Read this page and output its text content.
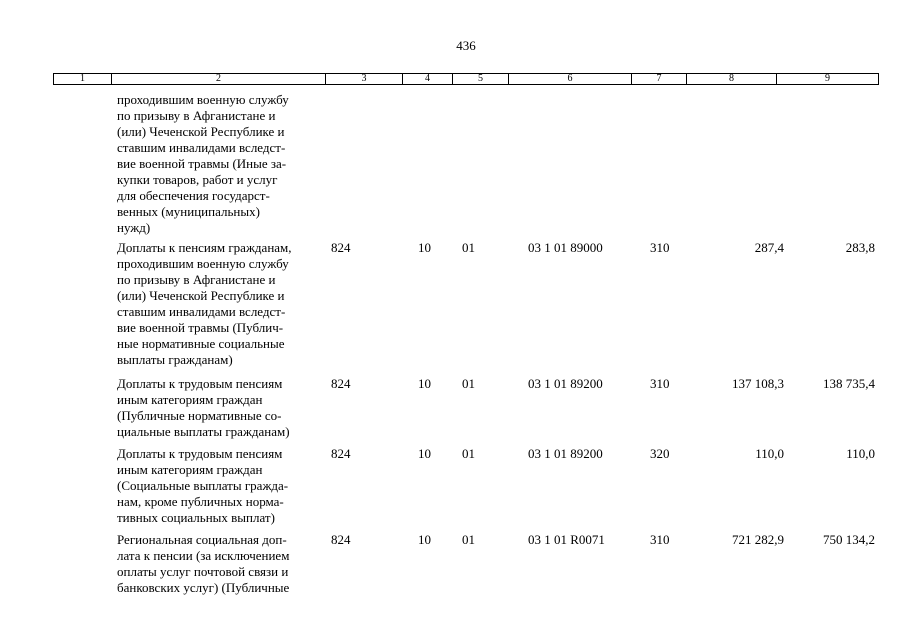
436
1	2	3	4	5	6	7	8	9
проходившим военную службу
по призыву в Афганистане и
(или) Чеченской Республике и
ставшим инвалидами вследст-
вие военной травмы (Иные за-
купки товаров, работ и услуг
для обеспечения государст-
венных (муниципальных)
нужд)
Доплаты к пенсиям гражданам,
проходившим военную службу
по призыву в Афганистане и
(или) Чеченской Республике и
ставшим инвалидами вследст-
вие военной травмы (Публич-
ные нормативные социальные
выплаты гражданам)
824	10 01	03 1 01 89000	310	287,4	283,8
Доплаты к трудовым пенсиям
иным категориям граждан
(Публичные нормативные со-
циальные выплаты гражданам)
824	10 01	03 1 01 89200	310	137 108,3	138 735,4
Доплаты к трудовым пенсиям
иным категориям граждан
(Социальные выплаты гражда-
нам, кроме публичных норма-
тивных социальных выплат)
824	10 01	03 1 01 89200	320	110,0	110,0
Региональная социальная доп-
лата к пенсии (за исключением
оплаты услуг почтовой связи и
банковских услуг) (Публичные
824	10 01	03 1 01 R0071	310	721 282,9	750 134,2
